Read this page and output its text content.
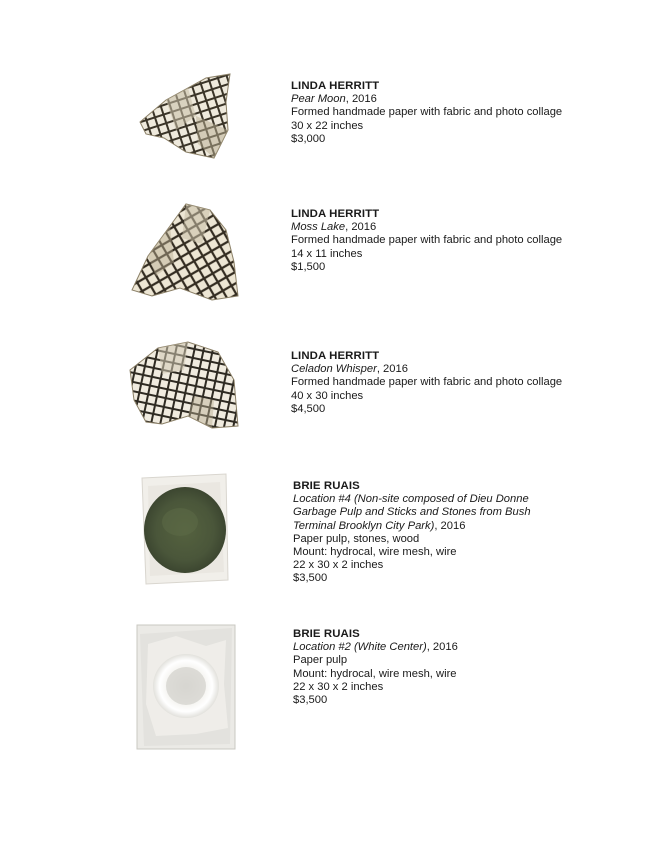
LINDA HERRITT
Pear Moon, 2016
Formed handmade paper with fabric and photo collage
30 x 22 inches
$3,000
LINDA HERRITT
Moss Lake, 2016
Formed handmade paper with fabric and photo collage
14 x 11 inches
$1,500
LINDA HERRITT
Celadon Whisper, 2016
Formed handmade paper with fabric and photo collage
40 x 30 inches
$4,500
BRIE RUAIS
Location #4 (Non-site composed of Dieu Donne
Garbage Pulp and Sticks and Stones from Bush
Terminal Brooklyn City Park), 2016
Paper pulp, stones, wood
Mount: hydrocal, wire mesh, wire
22 x 30 x 2 inches
$3,500
BRIE RUAIS
Location #2 (White Center), 2016
Paper pulp
Mount: hydrocal, wire mesh, wire
22 x 30 x 2 inches
$3,500
